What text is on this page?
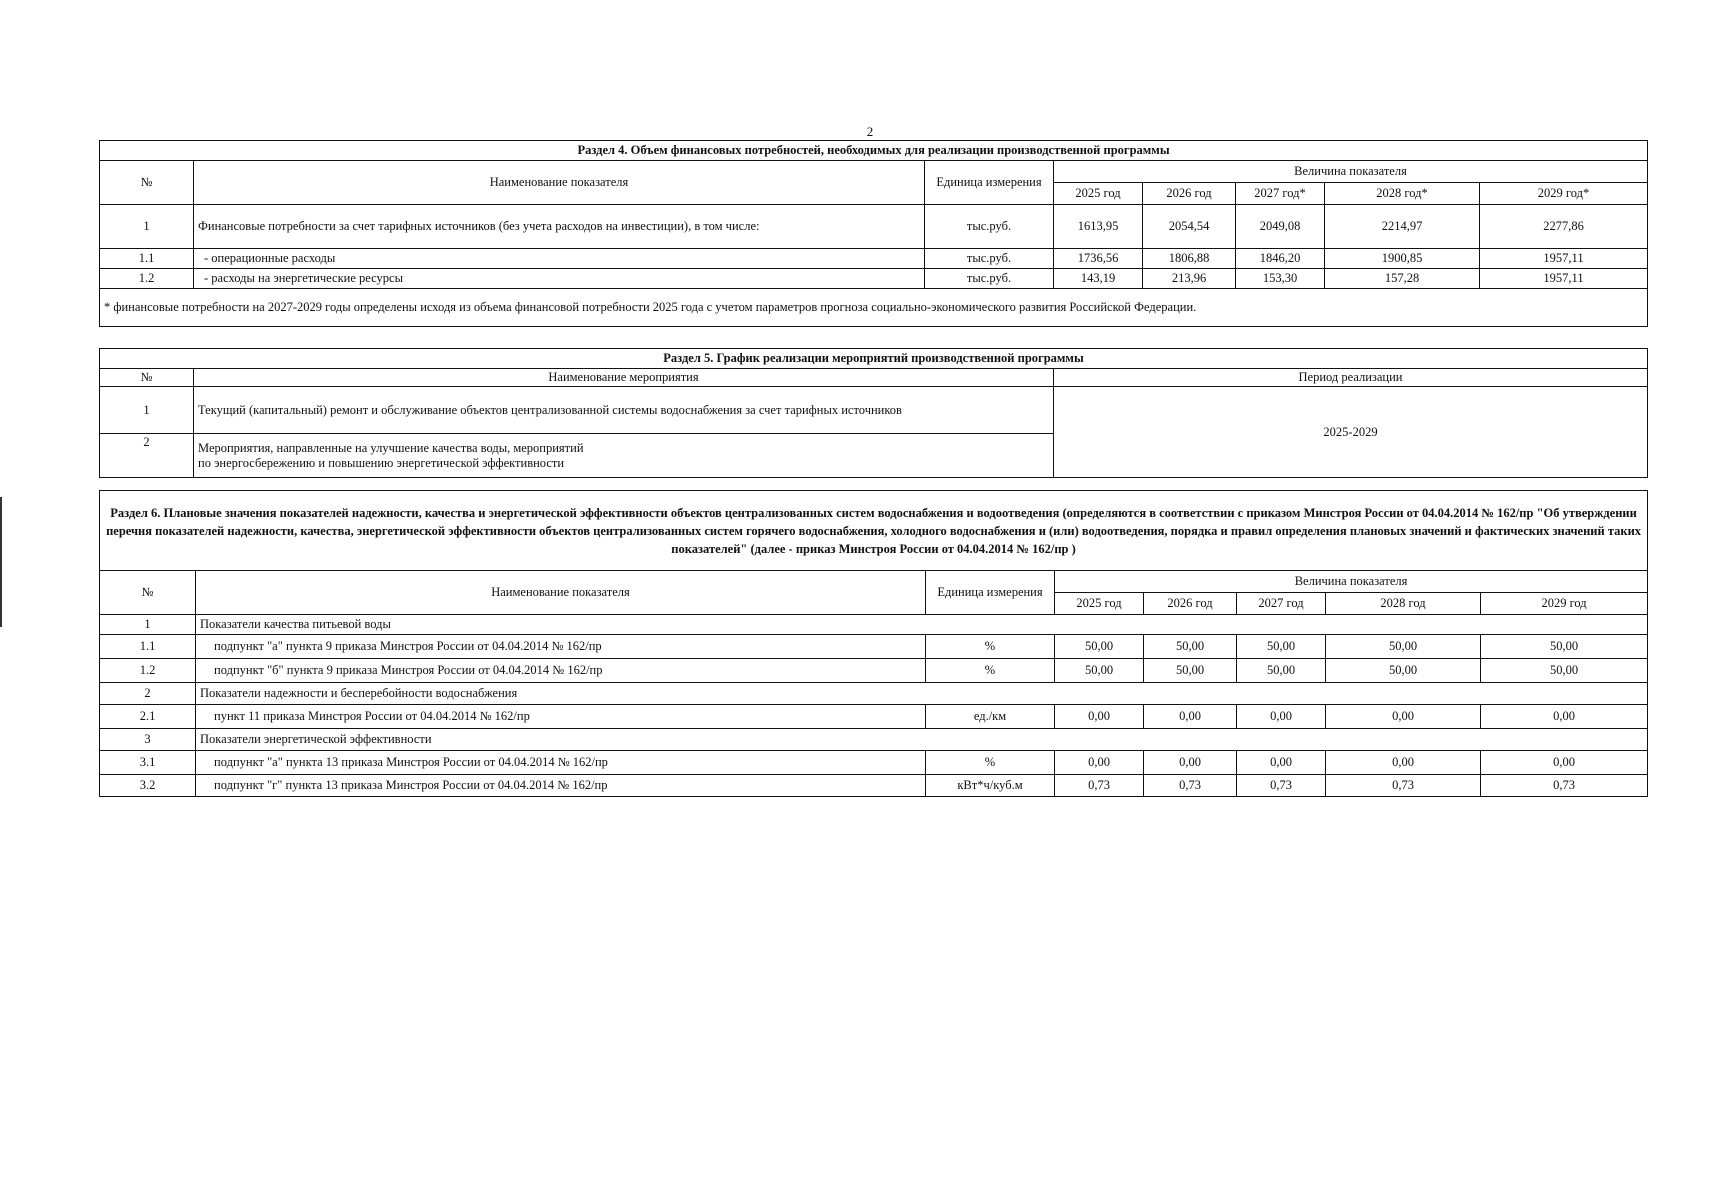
2
Раздел 4. Объем финансовых потребностей, необходимых для реализации производственной программы							
№	Наименование показателя	Единица измерения	Величина показателя				
			2025 год	2026 год	2027 год*	2028 год*	2029 год*
1	Финансовые потребности за счет тарифных источников (без учета расходов на инвестиции), в том числе:	тыс.руб.	1613,95	2054,54	2049,08	2214,97	2277,86
1.1	- операционные расходы	тыс.руб.	1736,56	1806,88	1846,20	1900,85	1957,11
1.2	- расходы на энергетические ресурсы	тыс.руб.	143,19	213,96	153,30	157,28	1957,11
* финансовые потребности на 2027-2029 годы определены исходя из объема финансовой потребности 2025 года с учетом параметров прогноза социально-экономического развития Российской Федерации.							
Раздел 5. График реализации мероприятий производственной программы		
№	Наименование мероприятия	Период реализации
1	Текущий (капитальный) ремонт и обслуживание объектов централизованной системы водоснабжения за счет тарифных источников	2025-2029
2	Мероприятия, направленные на улучшение качества воды, мероприятий
по энергосбережению и повышению энергетической эффективности	
Раздел 6. Плановые значения показателей надежности, качества и энергетической эффективности объектов централизованных систем водоснабжения и водоотведения (определяются в соответствии с приказом Минстроя России от 04.04.2014 № 162/пр "Об утверждении перечня показателей надежности, качества, энергетической эффективности объектов централизованных систем горячего водоснабжения, холодного водоснабжения и (или) водоотведения, порядка и правил определения плановых значений и фактических значений таких показателей" (далее - приказ Минстроя России от 04.04.2014 № 162/пр )							
№	Наименование показателя	Единица измерения	Величина показателя				
			2025 год	2026 год	2027 год	2028 год	2029 год
1	Показатели качества питьевой воды						
1.1	подпункт "а" пункта 9 приказа Минстроя России от 04.04.2014 № 162/пр	%	50,00	50,00	50,00	50,00	50,00
1.2	подпункт "б" пункта 9 приказа Минстроя России от 04.04.2014 № 162/пр	%	50,00	50,00	50,00	50,00	50,00
2	Показатели надежности и бесперебойности водоснабжения						
2.1	пункт 11 приказа Минстроя России от 04.04.2014 № 162/пр	ед./км	0,00	0,00	0,00	0,00	0,00
3	Показатели энергетической эффективности						
3.1	подпункт "а" пункта 13 приказа Минстроя России от 04.04.2014 № 162/пр	%	0,00	0,00	0,00	0,00	0,00
3.2	подпункт "г" пункта 13 приказа Минстроя России от 04.04.2014 № 162/пр	кВт*ч/куб.м	0,73	0,73	0,73	0,73	0,73
